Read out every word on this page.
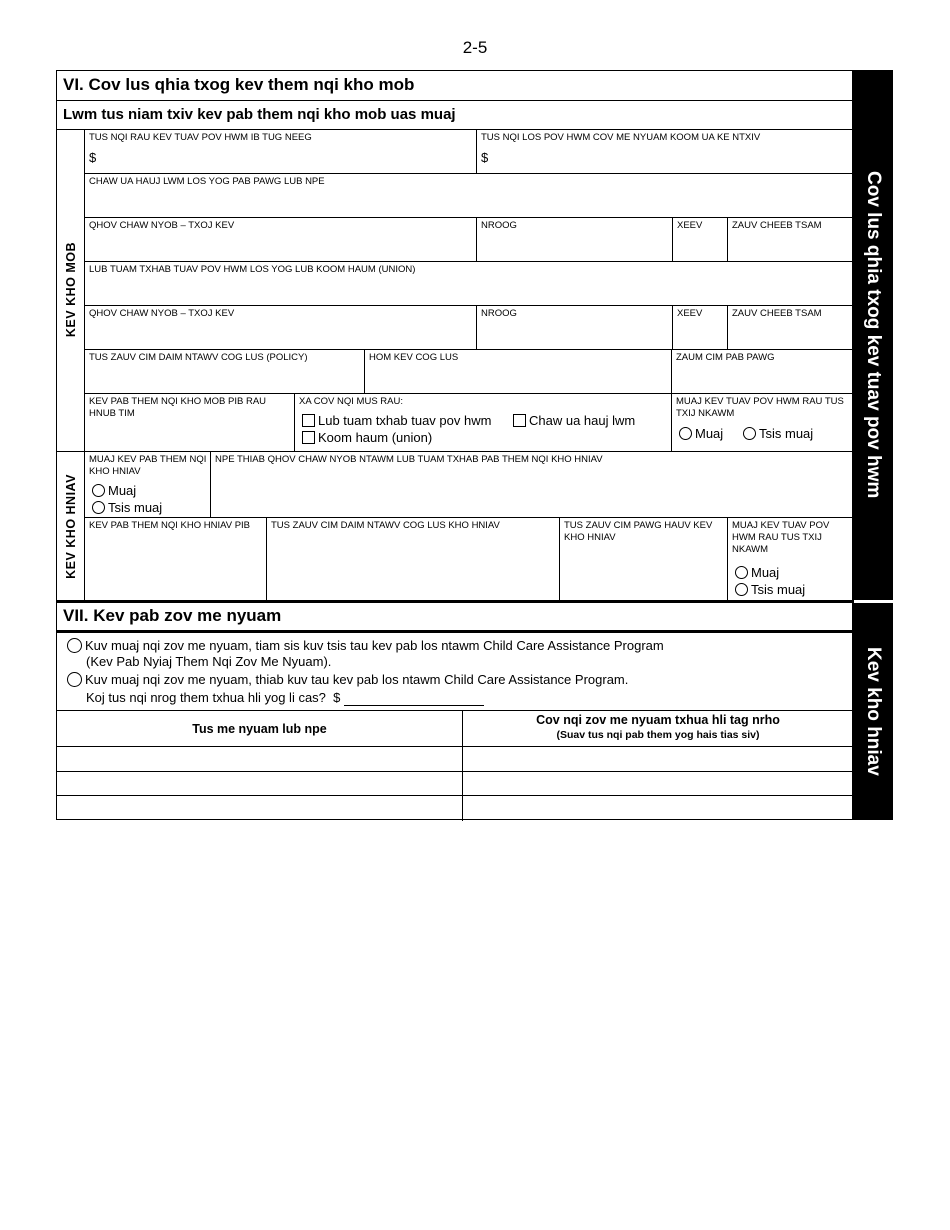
2-5
VI. Cov lus qhia txog kev them nqi kho mob
Lwm tus niam txiv kev pab them nqi kho mob uas muaj
KEV KHO MOB
KEV KHO HNIAV
TUS NQI RAU KEV TUAV POV HWM IB TUG NEEG
$
TUS NQI LOS POV HWM COV ME NYUAM KOOM UA KE NTXIV
$
CHAW UA HAUJ LWM LOS YOG PAB PAWG LUB NPE
QHOV CHAW NYOB – TXOJ KEV	NROOG	XEEV	ZAUV CHEEB TSAM
LUB TUAM TXHAB TUAV POV HWM LOS YOG LUB KOOM HAUM (UNION)
QHOV CHAW NYOB – TXOJ KEV	NROOG	XEEV	ZAUV CHEEB TSAM
TUS ZAUV CIM DAIM NTAWV COG LUS (POLICY)	HOM KEV COG LUS	ZAUM CIM PAB PAWG
KEV PAB THEM NQI KHO MOB PIB RAU HNUB TIM
XA COV NQI MUS RAU:
Lub tuam txhab tuav pov hwm	Chaw ua hauj lwm
Koom haum (union)
MUAJ KEV TUAV POV HWM RAU TUS TXIJ NKAWM
Muaj	Tsis muaj
MUAJ KEV PAB THEM NQI KHO HNIAV
Muaj
Tsis muaj
NPE THIAB QHOV CHAW NYOB NTAWM LUB TUAM TXHAB PAB THEM NQI KHO HNIAV
KEV PAB THEM NQI KHO HNIAV PIB	TUS ZAUV CIM DAIM NTAWV COG LUS KHO HNIAV	TUS ZAUV CIM PAWG HAUV KEV KHO HNIAV
MUAJ KEV TUAV POV HWM RAU TUS TXIJ NKAWM
Muaj
Tsis muaj
VII. Kev pab zov me nyuam
Kuv muaj nqi zov me nyuam, tiam sis kuv tsis tau kev pab los ntawm Child Care Assistance Program
(Kev Pab Nyiaj Them Nqi Zov Me Nyuam).
Kuv muaj nqi zov me nyuam, thiab kuv tau kev pab los ntawm Child Care Assistance Program.
Koj tus nqi nrog them txhua hli yog li cas? $
Tus me nyuam lub npe
Cov nqi zov me nyuam txhua hli tag nrho
(Suav tus nqi pab them yog hais tias siv)
Cov lus qhia txog kev tuav pov hwm
Kev kho hniav
